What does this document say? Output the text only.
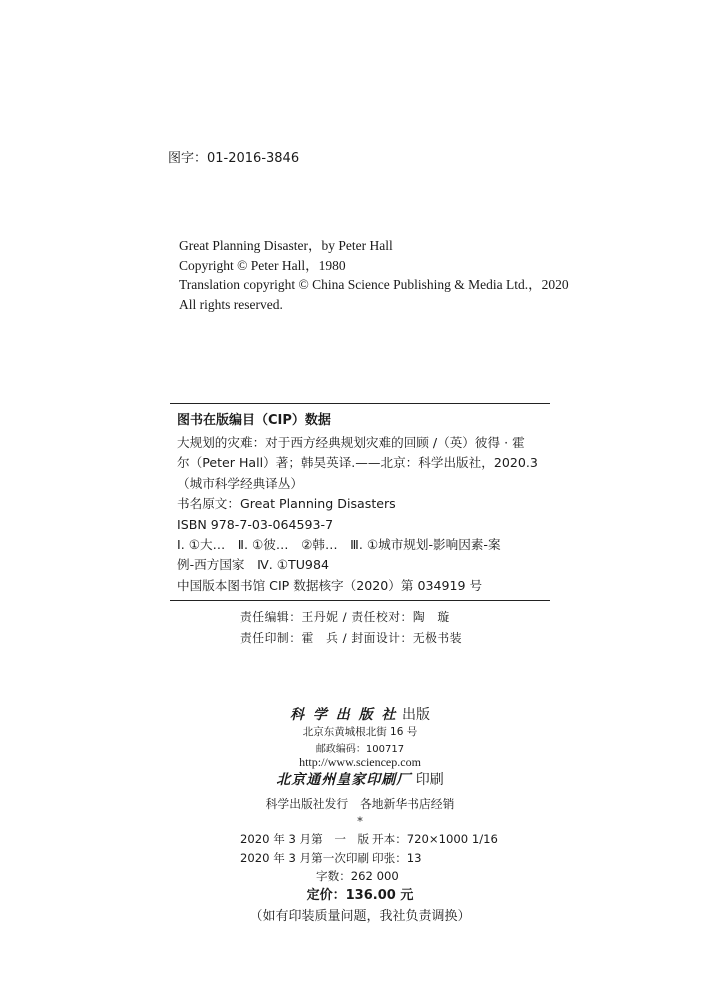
图字：01-2016-3846
Great Planning Disaster，by Peter Hall
Copyright © Peter Hall，1980
Translation copyright © China Science Publishing & Media Ltd.，2020
All rights reserved.
图书在版编目（CIP）数据
大规划的灾难：对于西方经典规划灾难的回顾 /（英）彼得 · 霍
尔（Peter Hall）著；韩昊英译.——北京：科学出版社，2020.3
（城市科学经典译丛）
书名原文：Great Planning Disasters
ISBN 978-7-03-064593-7
Ⅰ. ①大…　Ⅱ. ①彼…　②韩…　Ⅲ. ①城市规划-影响因素-案
例-西方国家　Ⅳ. ①TU984
中国版本图书馆 CIP 数据核字（2020）第 034919 号
责任编辑：王丹妮 / 责任校对：陶　璇
责任印制：霍　兵 / 封面设计：无极书装
科 学 出 版 社 出版
北京东黄城根北街 16 号
邮政编码：100717
http://www.sciencep.com
北京通州皇家印刷厂 印刷
科学出版社发行　各地新华书店经销
*
2020 年 3 月第　一　版 开本：720×1000 1/16
2020 年 3 月第一次印刷 印张：13
字数：262 000
定价：136.00 元
（如有印装质量问题，我社负责调换）
